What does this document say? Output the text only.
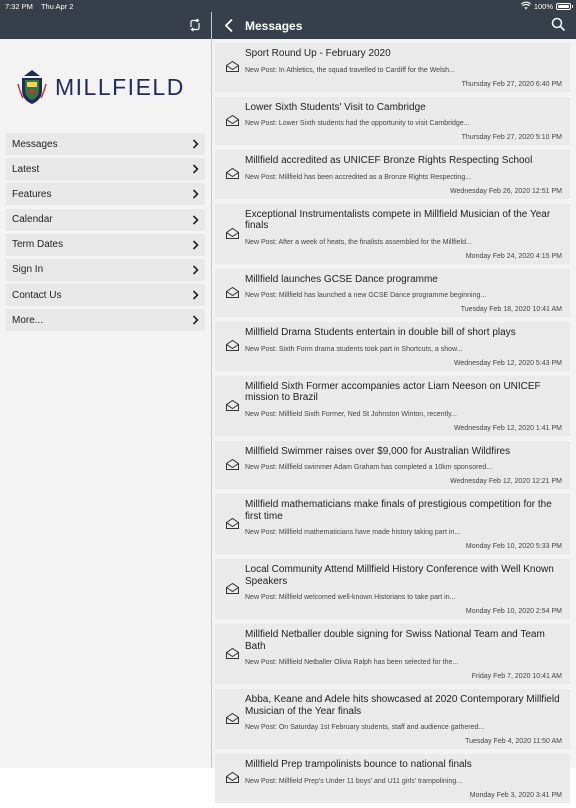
7:32 PM Thu Apr 2	100%
MILLFIELD
Messages
Latest
Features
Calendar
Term Dates
Sign In
Contact Us
More...
Messages
Sport Round Up - February 2020
New Post: In Athletics, the squad travelled to Cardiff for the Welsh...
Thursday Feb 27, 2020 6:40 PM
Lower Sixth Students' Visit to Cambridge
New Post: Lower Sixth students had the opportunity to visit Cambridge...
Thursday Feb 27, 2020 5:10 PM
Millfield accredited as UNICEF Bronze Rights Respecting School
New Post: Millfield has been accredited as a Bronze Rights Respecting...
Wednesday Feb 26, 2020 12:51 PM
Exceptional Instrumentalists compete in Millfield Musician of the Year finals
New Post: After a week of heats, the finalists assembled for the Millfield...
Monday Feb 24, 2020 4:15 PM
Millfield launches GCSE Dance programme
New Post: Millfield has launched a new GCSE Dance programme beginning...
Tuesday Feb 18, 2020 10:41 AM
Millfield Drama Students entertain in double bill of short plays
New Post: Sixth Form drama students took part in Shortcuts, a show...
Wednesday Feb 12, 2020 5:43 PM
Millfield Sixth Former accompanies actor Liam Neeson on UNICEF mission to Brazil
New Post: Millfield Sixth Former, Ned St Johnston Winton, recently...
Wednesday Feb 12, 2020 1:41 PM
Millfield Swimmer raises over $9,000 for Australian Wildfires
New Post: Millfield swimmer Adam Graham has completed a 10km sponsored...
Wednesday Feb 12, 2020 12:21 PM
Millfield mathematicians make finals of prestigious competition for the first time
New Post: Millfield mathematicians have made history taking part in...
Monday Feb 10, 2020 5:33 PM
Local Community Attend Millfield History Conference with Well Known Speakers
New Post: Millfield welcomed well-known Historians to take part in...
Monday Feb 10, 2020 2:54 PM
Millfield Netballer double signing for Swiss National Team and Team Bath
New Post: Millfield Netballer Olivia Ralph has been selected for the...
Friday Feb 7, 2020 10:41 AM
Abba, Keane and Adele hits showcased at 2020 Contemporary Millfield Musician of the Year finals
New Post: On Saturday 1st February students, staff and audience gathered...
Tuesday Feb 4, 2020 11:50 AM
Millfield Prep trampolinists bounce to national finals
New Post: Millfield Prep's Under 11 boys' and U11 girls' trampolining...
Monday Feb 3, 2020 3:41 PM
